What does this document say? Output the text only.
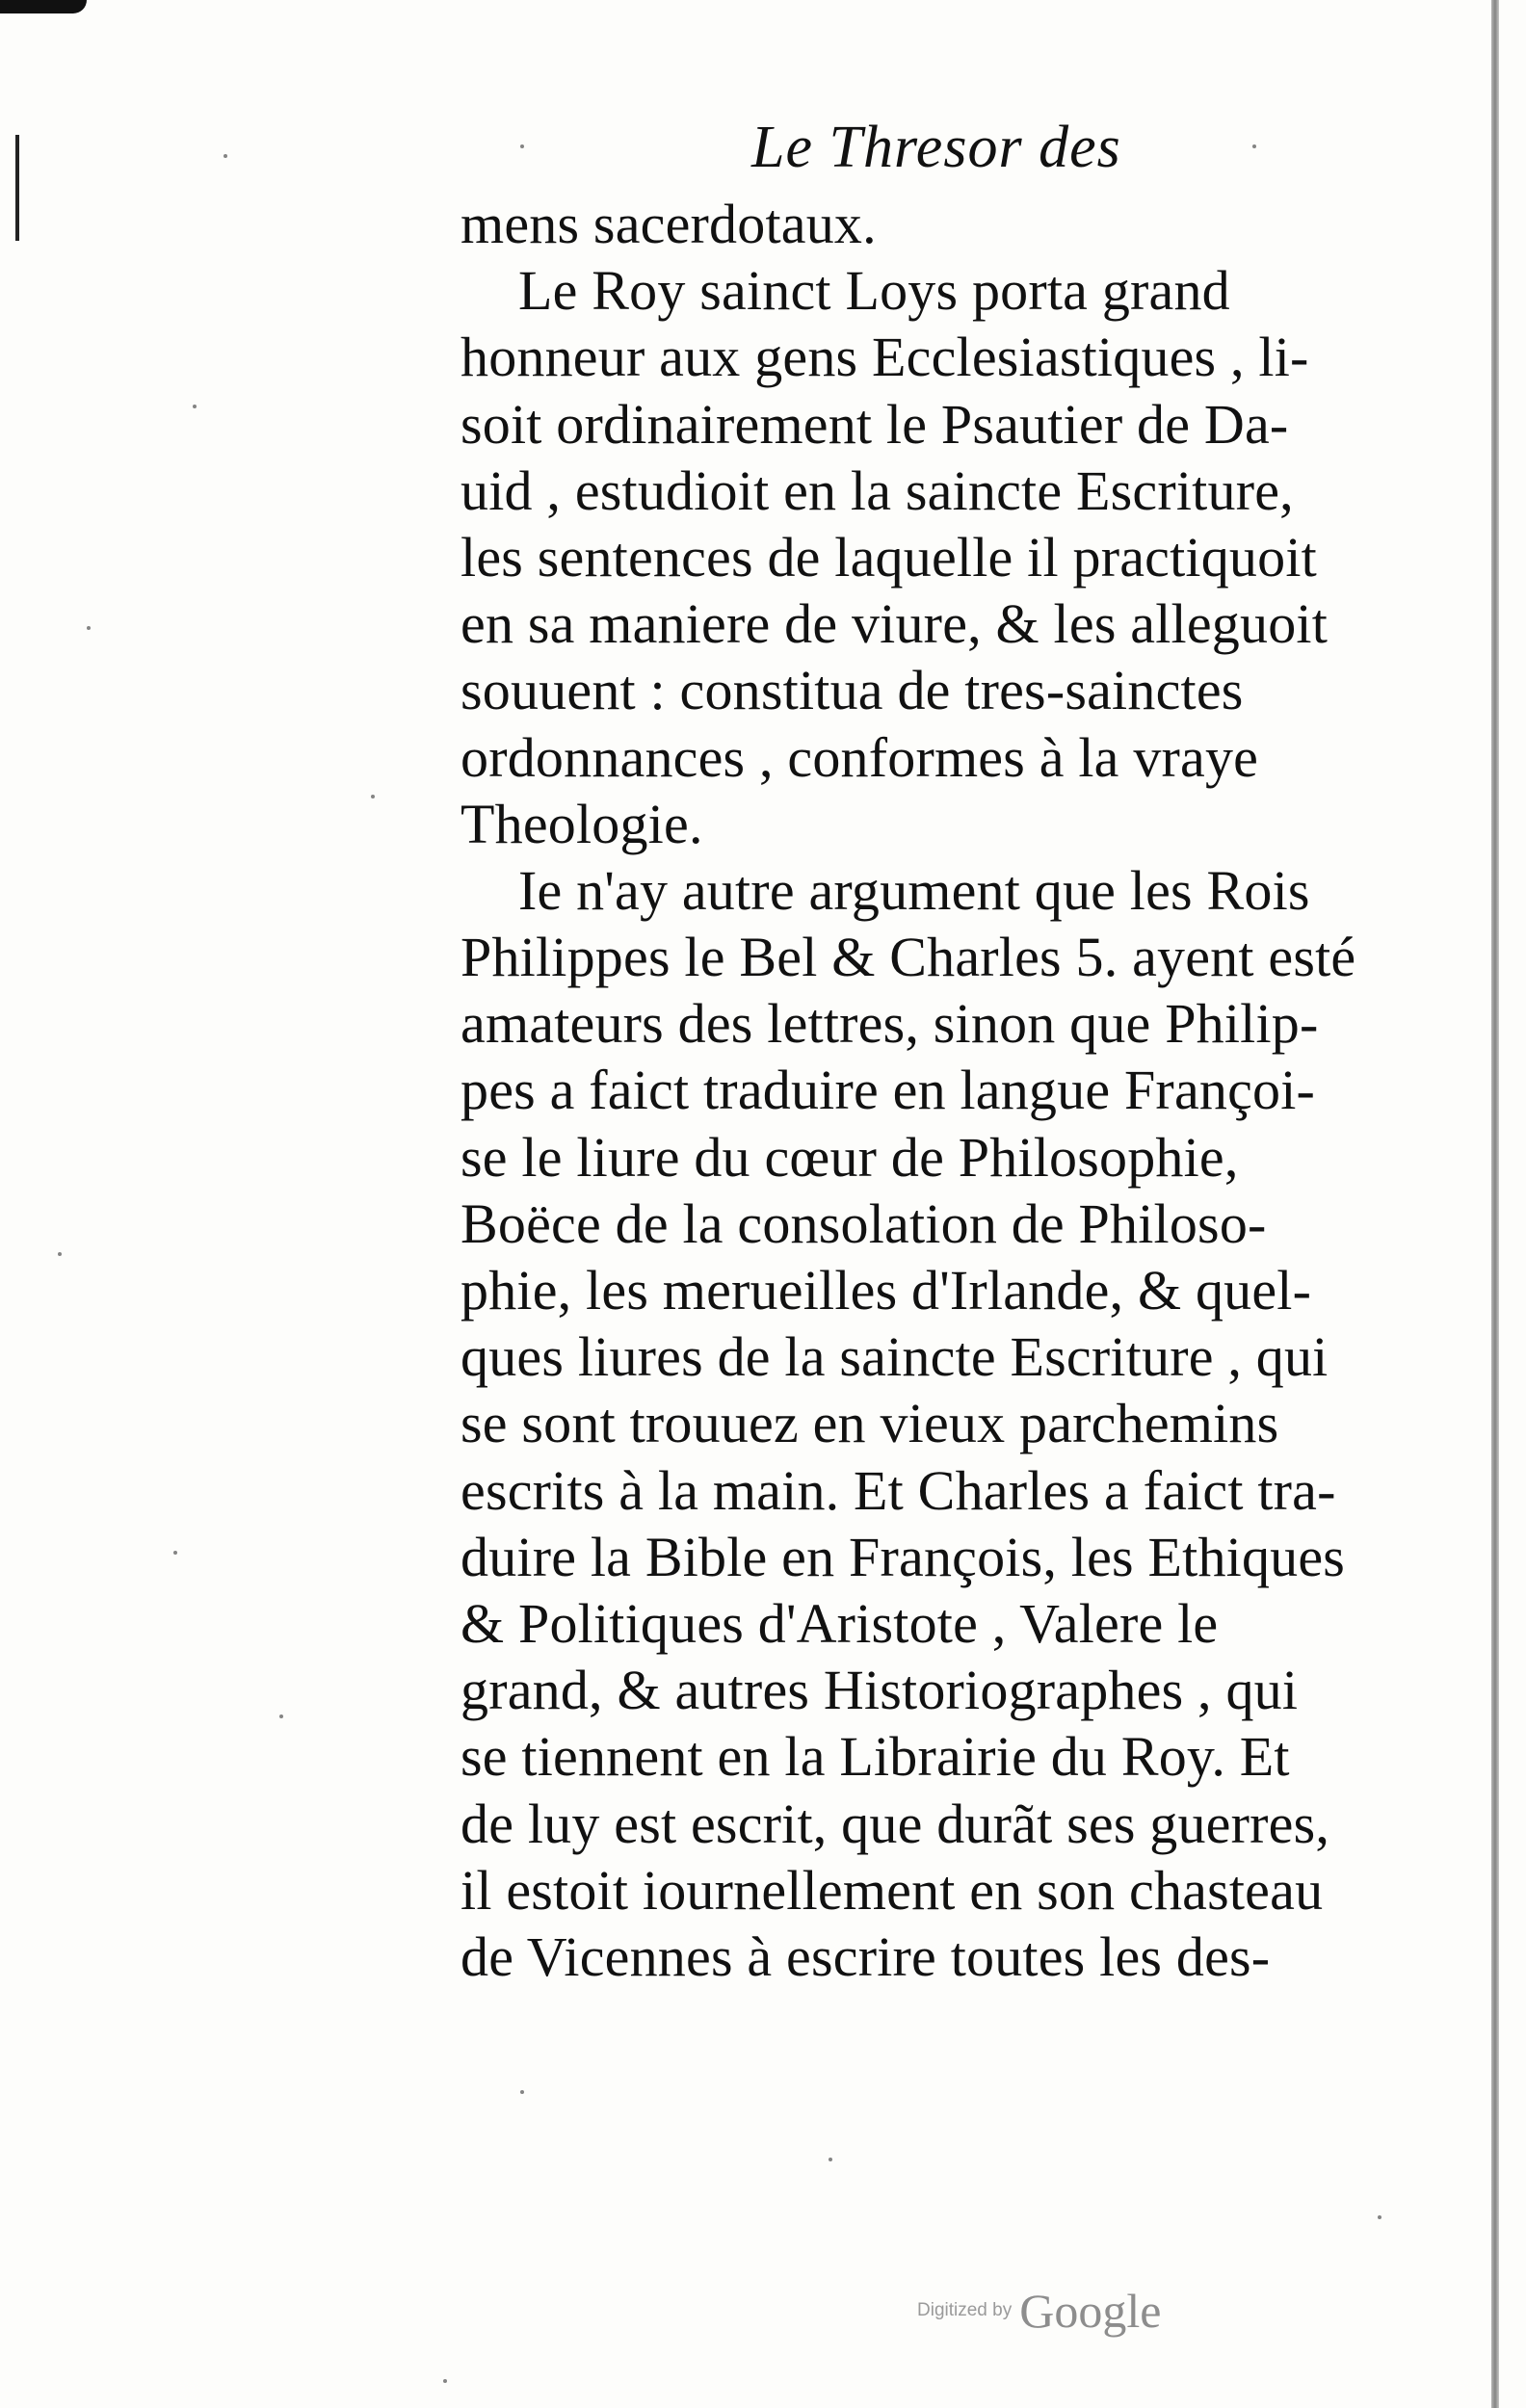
Le Thresor des
mens sacerdotaux.
Le Roy sainct Loys porta grand
honneur aux gens Ecclesiastiques , li-
soit ordinairement le Psautier de Da-
uid , estudioit en la saincte Escriture,
les sentences de laquelle il practiquoit
en sa maniere de viure, & les alleguoit
souuent : constitua de tres-sainctes
ordonnances , conformes à la vraye
Theologie.
Ie n'ay autre argument que les Rois
Philippes le Bel & Charles 5. ayent esté
amateurs des lettres, sinon que Philip-
pes a faict traduire en langue Françoi-
se le liure du cœur de Philosophie,
Boëce de la consolation de Philoso-
phie, les merueilles d'Irlande, & quel-
ques liures de la saincte Escriture , qui
se sont trouuez en vieux parchemins
escrits à la main. Et Charles a faict tra-
duire la Bible en François, les Ethiques
& Politiques d'Aristote , Valere le
grand, & autres Historiographes , qui
se tiennent en la Librairie du Roy. Et
de luy est escrit, que durãt ses guerres,
il estoit iournellement en son chasteau
de Vicennes à escrire toutes les des-
Digitized by Google
